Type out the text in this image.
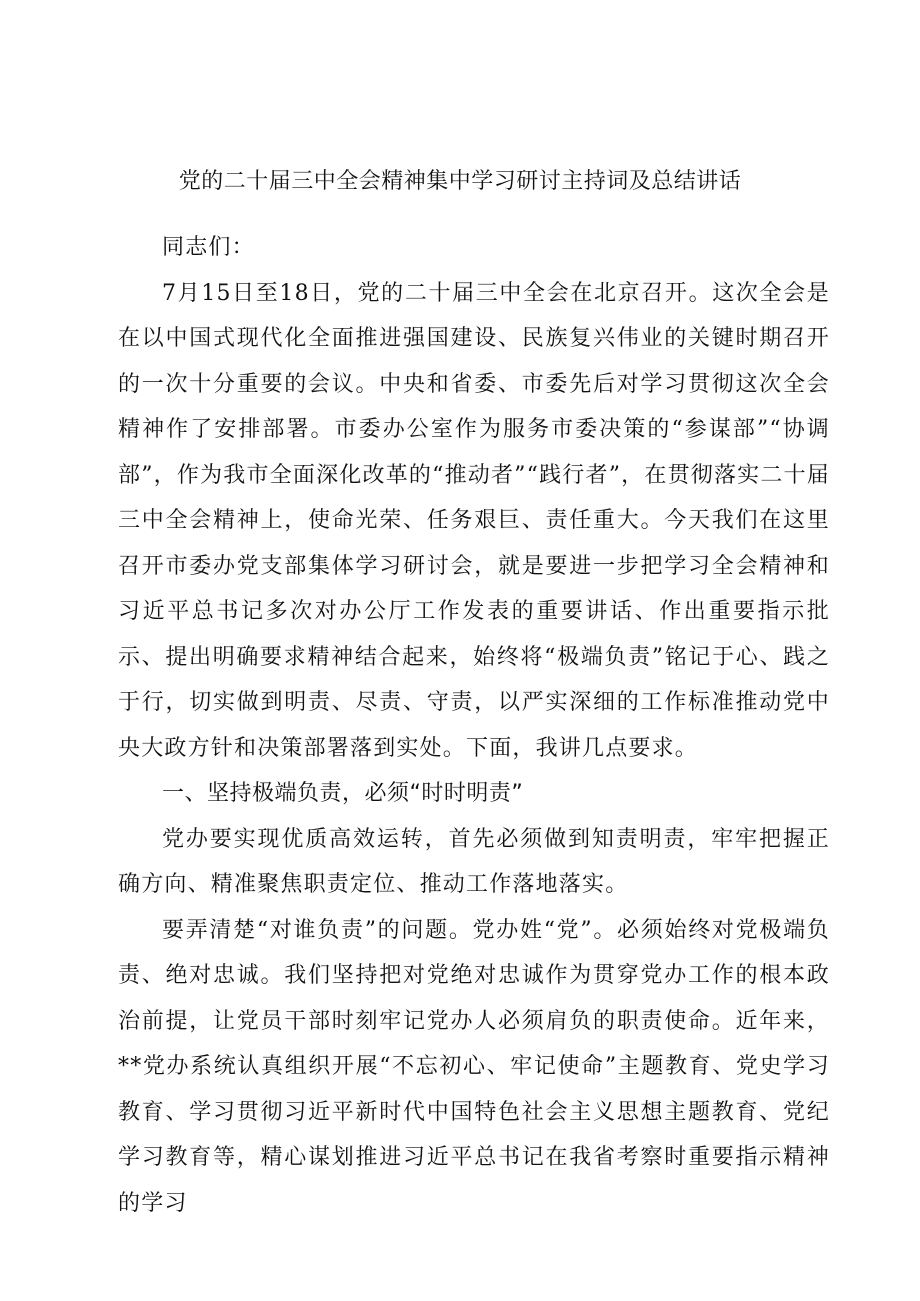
党的二十届三中全会精神集中学习研讨主持词及总结讲话

同志们：

7月15日至18日，党的二十届三中全会在北京召开。这次全会是在以中国式现代化全面推进强国建设、民族复兴伟业的关键时期召开的一次十分重要的会议。中央和省委、市委先后对学习贯彻这次全会精神作了安排部署。市委办公室作为服务市委决策的“参谋部”“协调部”，作为我市全面深化改革的“推动者”“践行者”，在贯彻落实二十届三中全会精神上，使命光荣、任务艰巨、责任重大。今天我们在这里召开市委办党支部集体学习研讨会，就是要进一步把学习全会精神和习近平总书记多次对办公厅工作发表的重要讲话、作出重要指示批示、提出明确要求精神结合起来，始终将“极端负责”铭记于心、践之于行，切实做到明责、尽责、守责，以严实深细的工作标准推动党中央大政方针和决策部署落到实处。下面，我讲几点要求。

一、坚持极端负责，必须“时时明责”

党办要实现优质高效运转，首先必须做到知责明责，牢牢把握正确方向、精准聚焦职责定位、推动工作落地落实。

要弄清楚“对谁负责”的问题。党办姓“党”。必须始终对党极端负责、绝对忠诚。我们坚持把对党绝对忠诚作为贯穿党办工作的根本政治前提，让党员干部时刻牢记党办人必须肩负的职责使命。近年来，**党办系统认真组织开展“不忘初心、牢记使命”主题教育、党史学习教育、学习贯彻习近平新时代中国特色社会主义思想主题教育、党纪学习教育等，精心谋划推进习近平总书记在我省考察时重要指示精神的学习
